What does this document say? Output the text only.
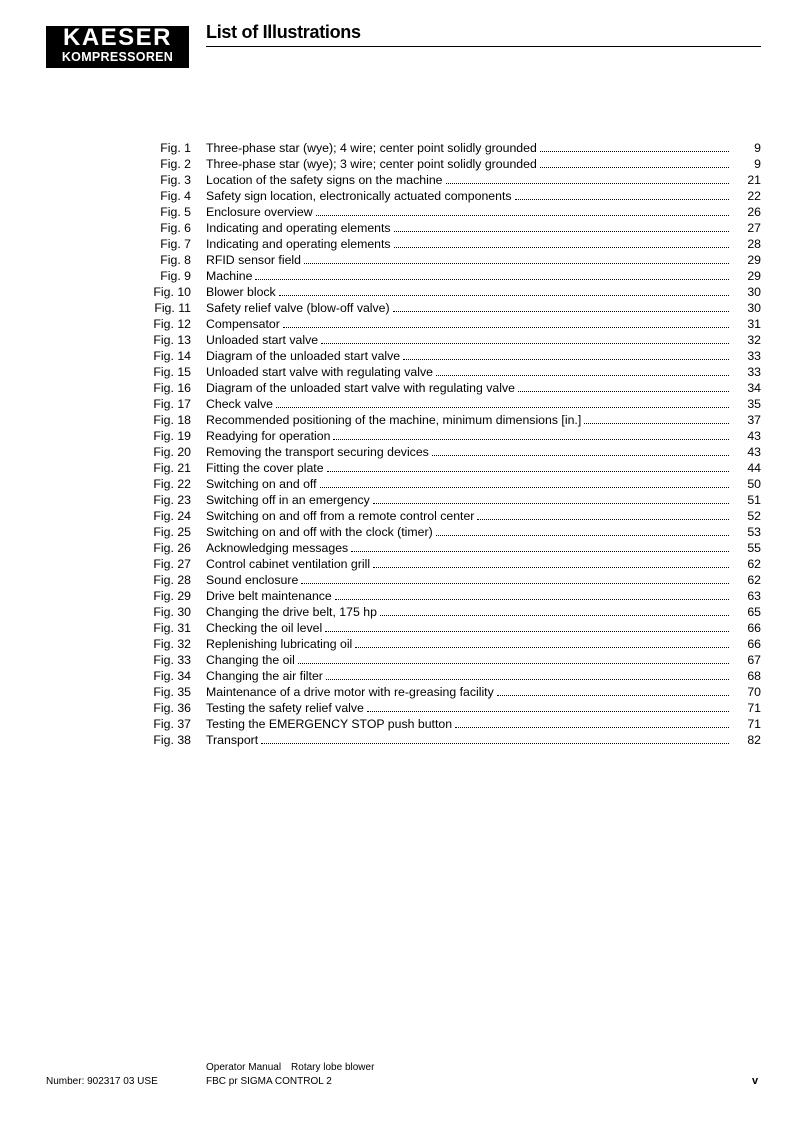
KAESER
KOMPRESSOREN
List of Illustrations
Fig. 1 Three-phase star (wye); 4 wire; center point solidly grounded	9
Fig. 2 Three-phase star (wye); 3 wire; center point solidly grounded	9
Fig. 3 Location of the safety signs on the machine	21
Fig. 4 Safety sign location, electronically actuated components	22
Fig. 5 Enclosure overview	26
Fig. 6 Indicating and operating elements	27
Fig. 7 Indicating and operating elements	28
Fig. 8 RFID sensor field	29
Fig. 9 Machine	29
Fig. 10 Blower block	30
Fig. 11 Safety relief valve (blow-off valve)	30
Fig. 12 Compensator	31
Fig. 13 Unloaded start valve	32
Fig. 14 Diagram of the unloaded start valve	33
Fig. 15 Unloaded start valve with regulating valve	33
Fig. 16 Diagram of the unloaded start valve with regulating valve	34
Fig. 17 Check valve	35
Fig. 18 Recommended positioning of the machine, minimum dimensions [in.]	37
Fig. 19 Readying for operation	43
Fig. 20 Removing the transport securing devices	43
Fig. 21 Fitting the cover plate	44
Fig. 22 Switching on and off	50
Fig. 23 Switching off in an emergency	51
Fig. 24 Switching on and off from a remote control center	52
Fig. 25 Switching on and off with the clock (timer)	53
Fig. 26 Acknowledging messages	55
Fig. 27 Control cabinet ventilation grill	62
Fig. 28 Sound enclosure	62
Fig. 29 Drive belt maintenance	63
Fig. 30 Changing the drive belt, 175 hp	65
Fig. 31 Checking the oil level	66
Fig. 32 Replenishing lubricating oil	66
Fig. 33 Changing the oil	67
Fig. 34 Changing the air filter	68
Fig. 35 Maintenance of a drive motor with re-greasing facility	70
Fig. 36 Testing the safety relief valve	71
Fig. 37 Testing the EMERGENCY STOP push button	71
Fig. 38 Transport	82
Number: 902317 03 USE
Operator Manual Rotary lobe blower
FBC pr SIGMA CONTROL 2	v
